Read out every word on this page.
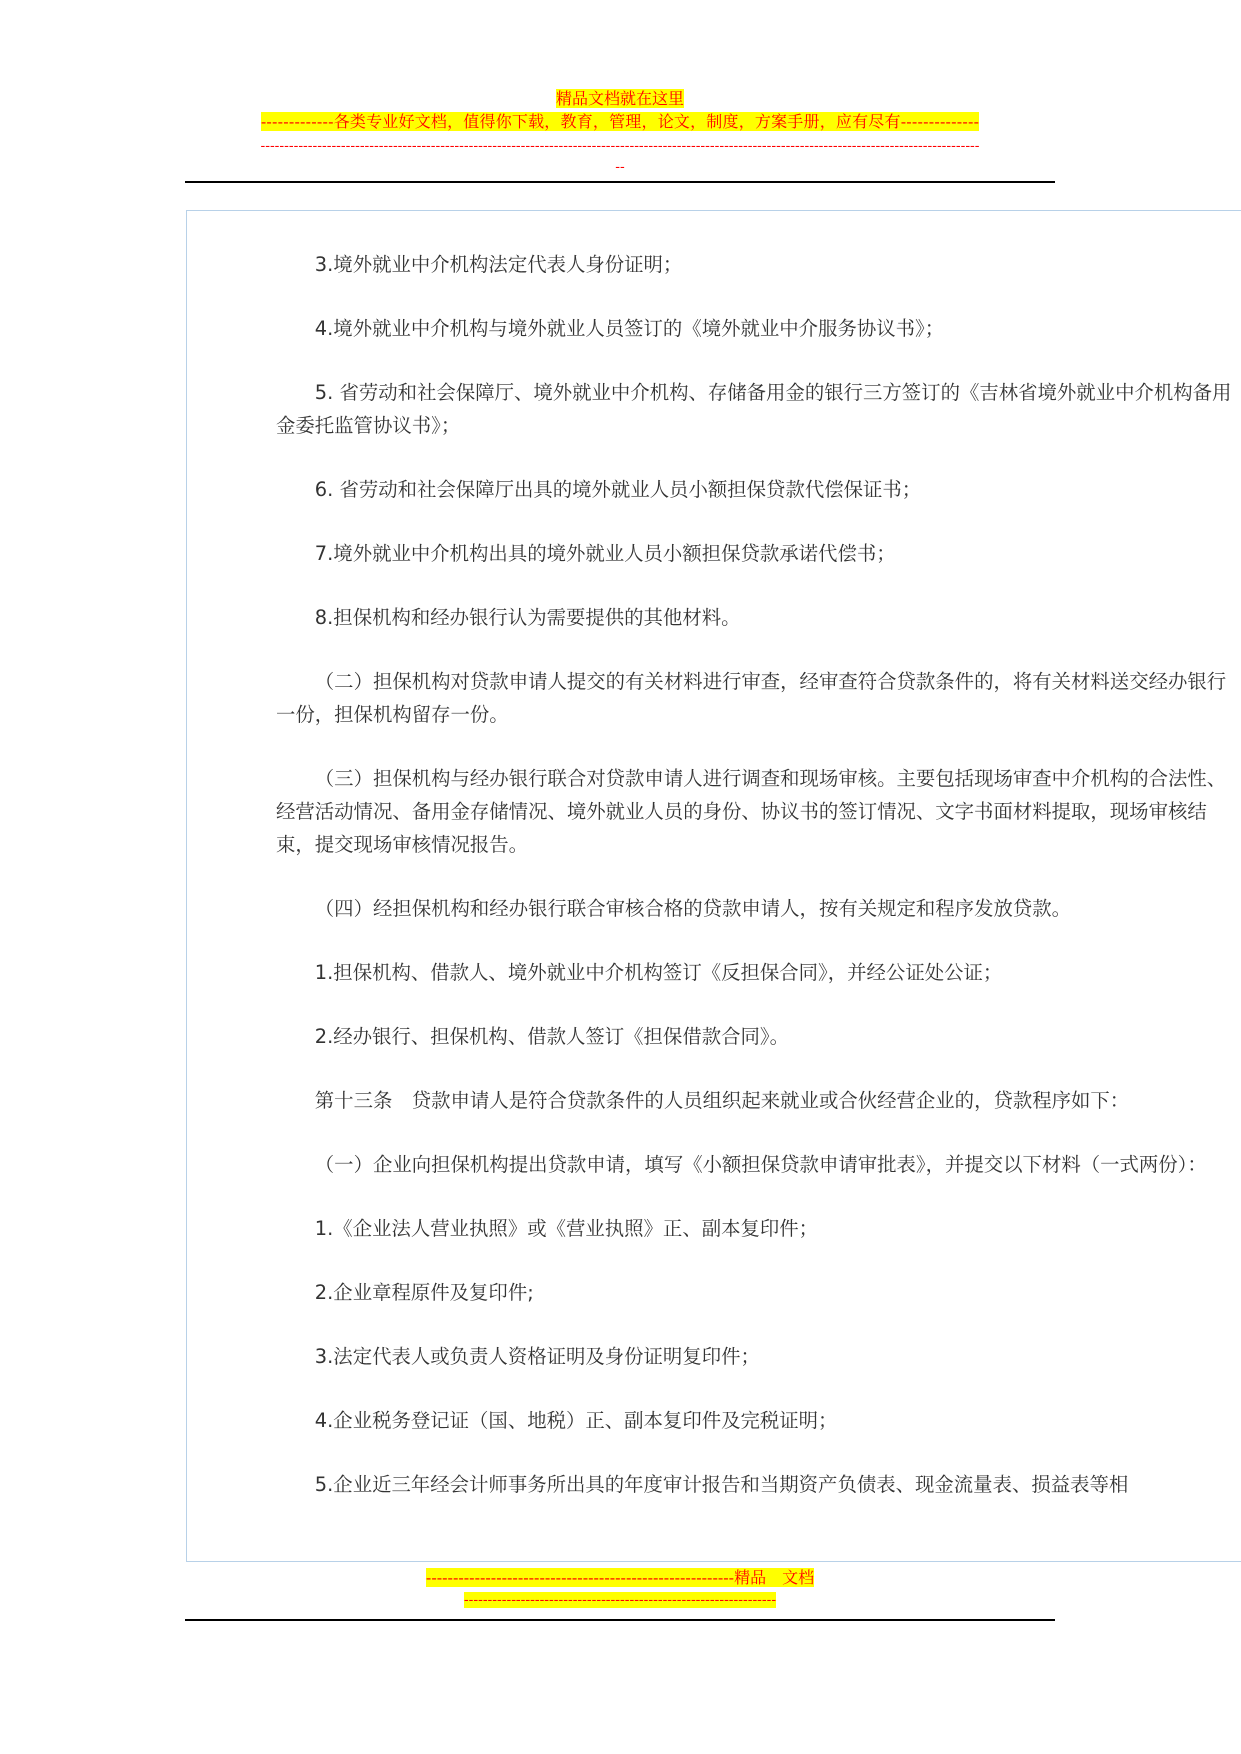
精品文档就在这里
-------------各类专业好文档，值得你下载，教育，管理，论文，制度，方案手册，应有尽有--------------
--------------------------------------------------------------------------------------------------------------------------------------------------------
--

3.境外就业中介机构法定代表人身份证明；

4.境外就业中介机构与境外就业人员签订的《境外就业中介服务协议书》；

5. 省劳动和社会保障厅、境外就业中介机构、存储备用金的银行三方签订的《吉林省境外就业中介机构备用金委托监管协议书》；

6. 省劳动和社会保障厅出具的境外就业人员小额担保贷款代偿保证书；

7.境外就业中介机构出具的境外就业人员小额担保贷款承诺代偿书；

8.担保机构和经办银行认为需要提供的其他材料。

（二）担保机构对贷款申请人提交的有关材料进行审查，经审查符合贷款条件的，将有关材料送交经办银行一份，担保机构留存一份。

（三）担保机构与经办银行联合对贷款申请人进行调查和现场审核。主要包括现场审查中介机构的合法性、经营活动情况、备用金存储情况、境外就业人员的身份、协议书的签订情况、文字书面材料提取，现场审核结束，提交现场审核情况报告。

（四）经担保机构和经办银行联合审核合格的贷款申请人，按有关规定和程序发放贷款。

1.担保机构、借款人、境外就业中介机构签订《反担保合同》，并经公证处公证；

2.经办银行、担保机构、借款人签订《担保借款合同》。

第十三条　贷款申请人是符合贷款条件的人员组织起来就业或合伙经营企业的，贷款程序如下：

（一）企业向担保机构提出贷款申请，填写《小额担保贷款申请审批表》，并提交以下材料（一式两份）：

1.《企业法人营业执照》或《营业执照》正、副本复印件；

2.企业章程原件及复印件;

3.法定代表人或负责人资格证明及身份证明复印件；

4.企业税务登记证（国、地税）正、副本复印件及完税证明；

5.企业近三年经会计师事务所出具的年度审计报告和当期资产负债表、现金流量表、损益表等相

---------------------------------------------------------精品　文档
------------------------------------------------------------------
